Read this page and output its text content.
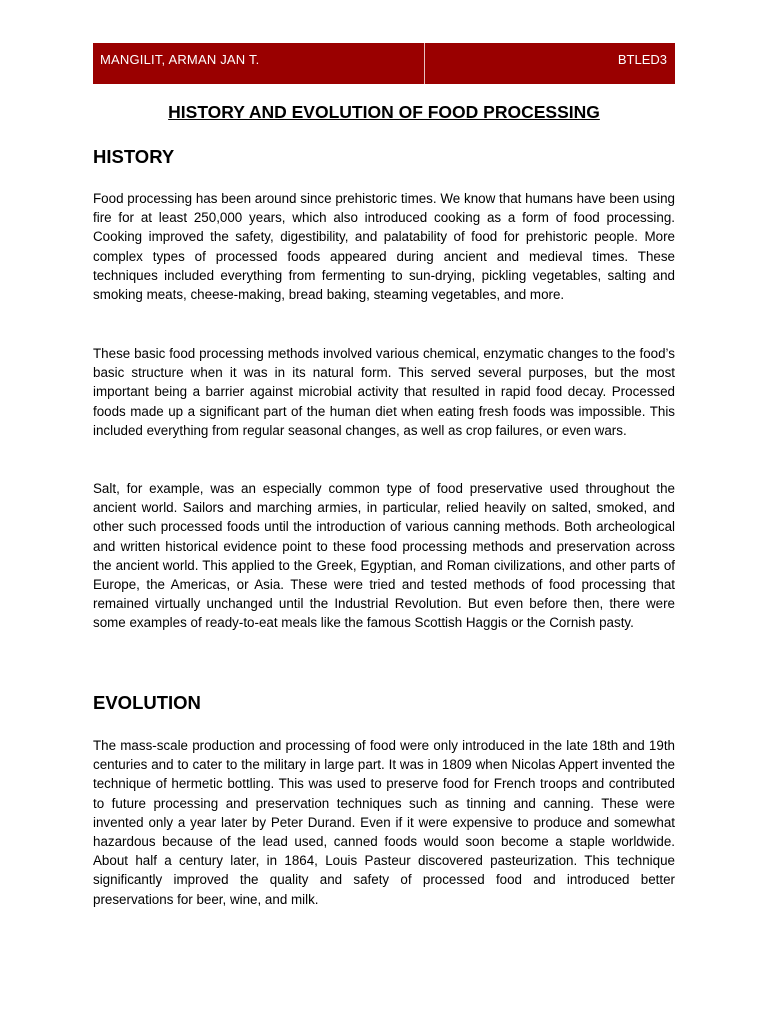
MANGILIT, ARMAN JAN T.	BTLED3
HISTORY AND EVOLUTION OF FOOD PROCESSING
HISTORY

Food processing has been around since prehistoric times. We know that humans have been using fire for at least 250,000 years, which also introduced cooking as a form of food processing. Cooking improved the safety, digestibility, and palatability of food for prehistoric people. More complex types of processed foods appeared during ancient and medieval times. These techniques included everything from fermenting to sun-drying, pickling vegetables, salting and smoking meats, cheese-making, bread baking, steaming vegetables, and more.

These basic food processing methods involved various chemical, enzymatic changes to the food’s basic structure when it was in its natural form. This served several purposes, but the most important being a barrier against microbial activity that resulted in rapid food decay. Processed foods made up a significant part of the human diet when eating fresh foods was impossible. This included everything from regular seasonal changes, as well as crop failures, or even wars.

Salt, for example, was an especially common type of food preservative used throughout the ancient world. Sailors and marching armies, in particular, relied heavily on salted, smoked, and other such processed foods until the introduction of various canning methods. Both archeological and written historical evidence point to these food processing methods and preservation across the ancient world. This applied to the Greek, Egyptian, and Roman civilizations, and other parts of Europe, the Americas, or Asia. These were tried and tested methods of food processing that remained virtually unchanged until the Industrial Revolution. But even before then, there were some examples of ready-to-eat meals like the famous Scottish Haggis or the Cornish pasty.

EVOLUTION

The mass-scale production and processing of food were only introduced in the late 18th and 19th centuries and to cater to the military in large part. It was in 1809 when Nicolas Appert invented the technique of hermetic bottling. This was used to preserve food for French troops and contributed to future processing and preservation techniques such as tinning and canning. These were invented only a year later by Peter Durand. Even if it were expensive to produce and somewhat hazardous because of the lead used, canned foods would soon become a staple worldwide. About half a century later, in 1864, Louis Pasteur discovered pasteurization. This technique significantly improved the quality and safety of processed food and introduced better preservations for beer, wine, and milk.
